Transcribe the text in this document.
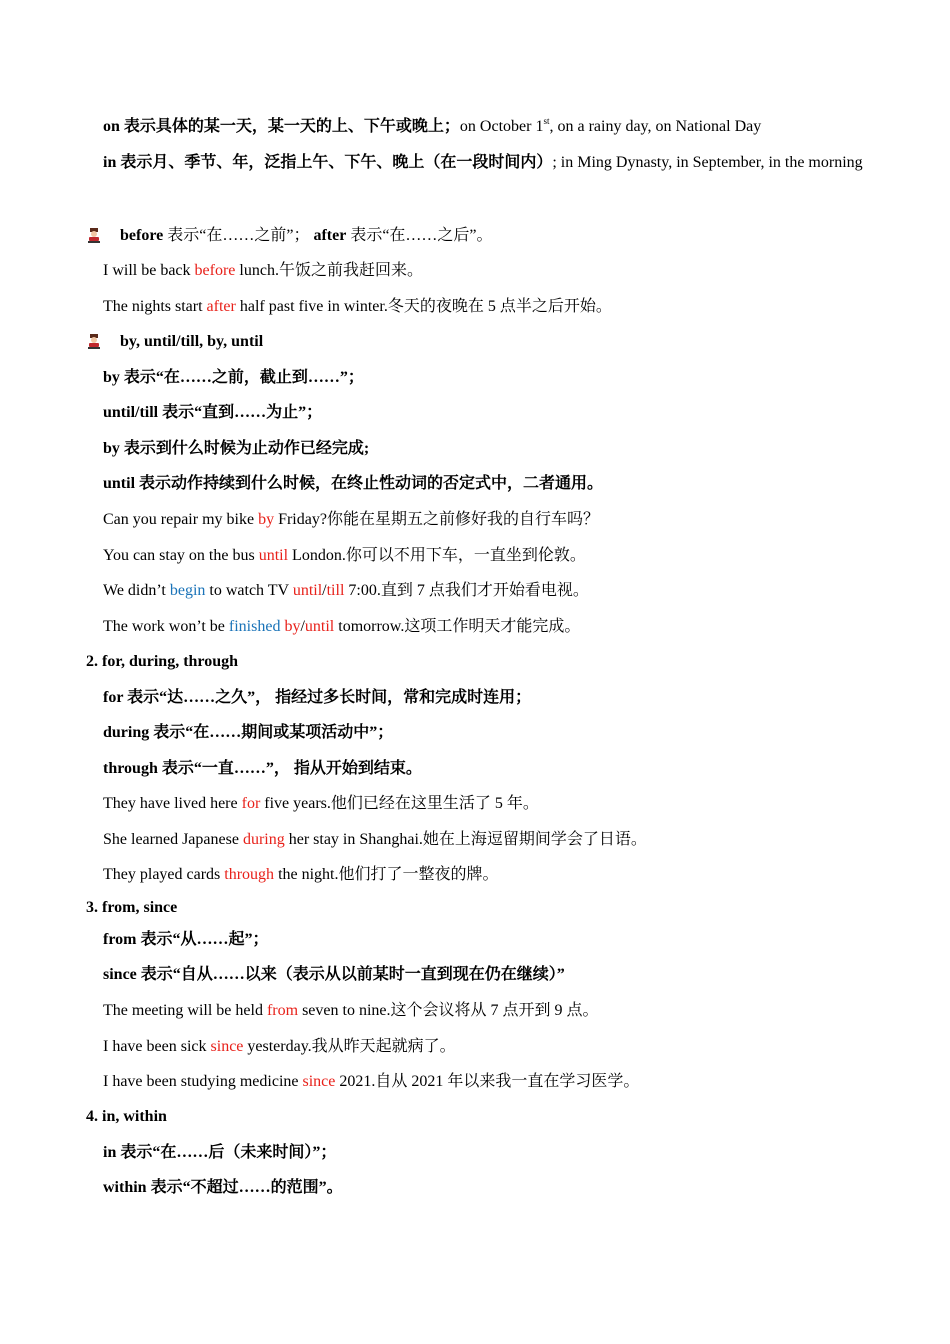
on 表示具体的某一天，某一天的上、下午或晚上；on October 1st, on a rainy day, on National Day
in 表示月、季节、年，泛指上午、下午、晚上（在一段时间内）; in Ming Dynasty, in September, in the morning
before 表示“在……之前”； after 表示“在……之后”。
I will be back before lunch.午饭之前我赶回来。
The nights start after half past five in winter.冬天的夜晚在 5 点半之后开始。
by, until/till, by, until
by 表示“在……之前，截止到……”；
until/till 表示“直到……为止”；
by 表示到什么时候为止动作已经完成;
until 表示动作持续到什么时候，在终止性动词的否定式中，二者通用。
Can you repair my bike by Friday?你能在星期五之前修好我的自行车吗？
You can stay on the bus until London.你可以不用下车，一直坐到伦敦。
We didn’t begin to watch TV until/till 7:00.直到 7 点我们才开始看电视。
The work won’t be finished by/until tomorrow.这项工作明天才能完成。
2. for, during, through
for 表示“达……之久”， 指经过多长时间，常和完成时连用；
during 表示“在……期间或某项活动中”；
through 表示“一直……”， 指从开始到结束。
They have lived here for five years.他们已经在这里生活了 5 年。
She learned Japanese during her stay in Shanghai.她在上海逗留期间学会了日语。
They played cards through the night.他们打了一整夜的牌。
3. from, since
from 表示“从……起”；
since 表示“自从……以来（表示从以前某时一直到现在仍在继续）”
The meeting will be held from seven to nine.这个会议将从 7 点开到 9 点。
I have been sick since yesterday.我从昨天起就病了。
I have been studying medicine since 2021.自从 2021 年以来我一直在学习医学。
4. in, within
in 表示“在……后（未来时间）”；
within 表示“不超过……的范围”。
